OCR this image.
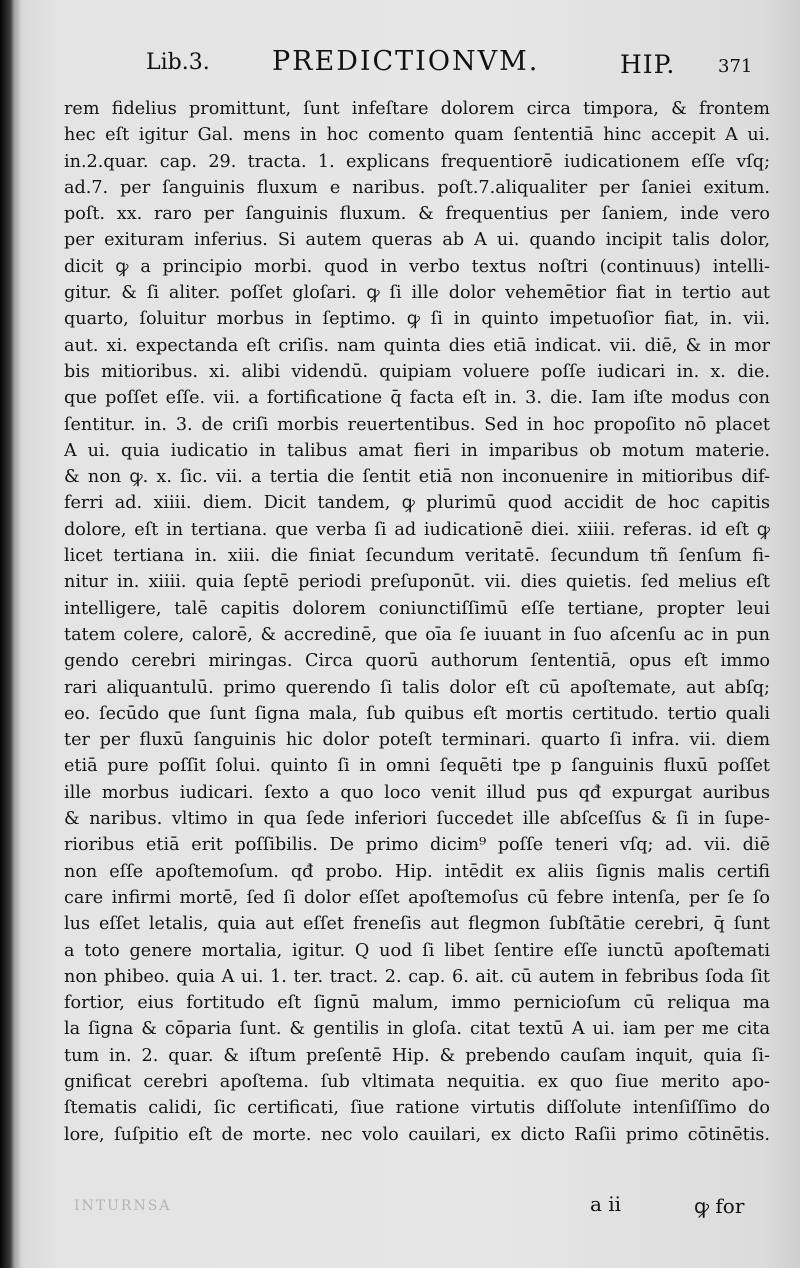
Lib.3. PREDICTIONVM.	HIP. 371
rem fidelius promittunt, ſunt infeſtare dolorem circa timpora, & frontem
hec eſt igitur Gal. mens in hoc comento quam ſententiā hinc accepit A ui.
in.2.quar. cap. 29. tracta. 1. explicans frequentiorē iudicationem eſſe vſq;
ad.7. per ſanguinis fluxum e naribus. poſt.7.aliqualiter per ſaniei exitum.
poſt. xx. raro per ſanguinis fluxum. & frequentius per ſaniem, inde vero
per exituram inferius. Si autem queras ab A ui. quando incipit talis dolor,
dicit ꝙ a principio morbi. quod in verbo textus noſtri (continuus) intelli-
gitur. & ſi aliter. poſſet gloſari. ꝙ ſi ille dolor vehemētior fiat in tertio aut
quarto, ſoluitur morbus in ſeptimo. ꝙ ſi in quinto impetuoſior fiat, in. vii.
aut. xi. expectanda eſt criſis. nam quinta dies etiā indicat. vii. diē, & in mor
bis mitioribus. xi. alibi videndū. quipiam voluere poſſe iudicari in. x. die.
que poſſet eſſe. vii. a fortificatione q̄ facta eſt in. 3. die. Iam iſte modus con
ſentitur. in. 3. de criſi morbis reuertentibus. Sed in hoc propoſito nō placet
A ui. quia iudicatio in talibus amat fieri in imparibus ob motum materie.
& non ꝙ. x. ſic. vii. a tertia die ſentit etiā non inconuenire in mitioribus dif-
ferri ad. xiiii. diem. Dicit tandem, ꝙ plurimū quod accidit de hoc capitis
dolore, eſt in tertiana. que verba ſi ad iudicationē diei. xiiii. referas. id eſt ꝙ
licet tertiana in. xiii. die finiat ſecundum veritatē. ſecundum tñ ſenſum fi-
nitur in. xiiii. quia ſeptē periodi preſuponūt. vii. dies quietis. ſed melius eſt
intelligere, talē capitis dolorem coniunctiſſimū eſſe tertiane, propter leui
tatem colere, calorē, & accredinē, que oīa ſe iuuant in ſuo aſcenſu ac in pun
gendo cerebri miringas. Circa quorū authorum ſententiā, opus eſt immo
rari aliquantulū. primo querendo ſi talis dolor eſt cū apoſtemate, aut abſq;
eo. ſecūdo que ſunt ſigna mala, ſub quibus eſt mortis certitudo. tertio quali
ter per fluxū ſanguinis hic dolor poteſt terminari. quarto ſi infra. vii. diem
etiā pure poſſit ſolui. quinto ſi in omni ſequēti tpe p ſanguinis fluxū poſſet
ille morbus iudicari. ſexto a quo loco venit illud pus qđ expurgat auribus
& naribus. vltimo in qua ſede inferiori ſuccedet ille abſceſſus & ſi in ſupe-
rioribus etiā erit poſſibilis. De primo dicim⁹ poſſe teneri vſq; ad. vii. diē
non eſſe apoſtemoſum. qđ probo. Hip. intēdit ex aliis ſignis malis certifi
care infirmi mortē, ſed ſi dolor eſſet apoſtemoſus cū febre intenſa, per ſe ſo
lus eſſet letalis, quia aut eſſet freneſis aut flegmon ſubſtātie cerebri, q̄ ſunt
a toto genere mortalia, igitur. Q uod ſi libet ſentire eſſe iunctū apoſtemati
non phibeo. quia A ui. 1. ter. tract. 2. cap. 6. ait. cū autem in febribus ſoda ſit
fortior, eius fortitudo eſt ſignū malum, immo pernicioſum cū reliqua ma
la ſigna & cōparia ſunt. & gentilis in gloſa. citat textū A ui. iam per me cita
tum in. 2. quar. & iſtum preſentē Hip. & prebendo cauſam inquit, quia ſi-
gnificat cerebri apoſtema. ſub vltimata nequitia. ex quo ſiue merito apo-
ſtematis calidi, ſic certificati, ſiue ratione virtutis diſſolute intenſiſſimo do
lore, ſuſpitio eſt de morte. nec volo cauilari, ex dicto Raſii primo cōtinētis.
INTURNSA	a ii	ꝙ for
